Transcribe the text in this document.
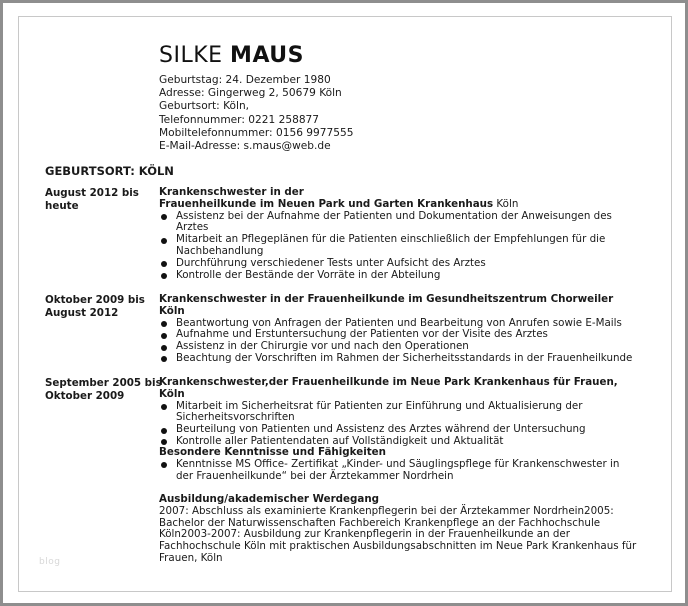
SILKE MAUS
Geburtstag: 24. Dezember 1980
Adresse: Gingerweg 2, 50679 Köln
Geburtsort: Köln,
Telefonnummer: 0221 258877
Mobiltelefonnummer: 0156 9977555
E-Mail-Adresse: s.maus@web.de
GEBURTSORT: KÖLN
August 2012 bis
heute
Krankenschwester in der
Frauenheilkunde im Neuen Park und Garten Krankenhaus Köln
Assistenz bei der Aufnahme der Patienten und Dokumentation der Anweisungen des Arztes
Mitarbeit an Pflegeplänen für die Patienten einschließlich der Empfehlungen für die Nachbehandlung
Durchführung verschiedener Tests unter Aufsicht des Arztes
Kontrolle der Bestände der Vorräte in der Abteilung
Oktober 2009 bis
August 2012
Krankenschwester in der Frauenheilkunde im Gesundheitszentrum Chorweiler
Köln
Beantwortung von Anfragen der Patienten und Bearbeitung von Anrufen sowie E-Mails
Aufnahme und Erstuntersuchung der Patienten vor der Visite des Arztes
Assistenz in der Chirurgie vor und nach den Operationen
Beachtung der Vorschriften im Rahmen der Sicherheitsstandards in der Frauenheilkunde
September 2005 bis
Oktober 2009
Krankenschwester,der Frauenheilkunde im Neue Park Krankenhaus für Frauen, Köln
Mitarbeit im Sicherheitsrat für Patienten zur Einführung und Aktualisierung der Sicherheitsvorschriften
Beurteilung von Patienten und Assistenz des Arztes während der Untersuchung
Kontrolle aller Patientendaten auf Vollständigkeit und Aktualität
Besondere Kenntnisse und Fähigkeiten
Kenntnisse MS Office- Zertifikat „Kinder- und Säuglingspflege für Krankenschwester in der Frauenheilkunde“ bei der Ärztekammer Nordrhein
Ausbildung/akademischer Werdegang

2007: Abschluss als examinierte Krankenpflegerin bei der Ärztekammer Nordrhein2005: Bachelor der Naturwissenschaften Fachbereich Krankenpflege an der Fachhochschule Köln2003-2007: Ausbildung zur Krankenpflegerin in der Frauenheilkunde an der Fachhochschule Köln mit praktischen Ausbildungsabschnitten im Neue Park Krankenhaus für Frauen, Köln

blog
